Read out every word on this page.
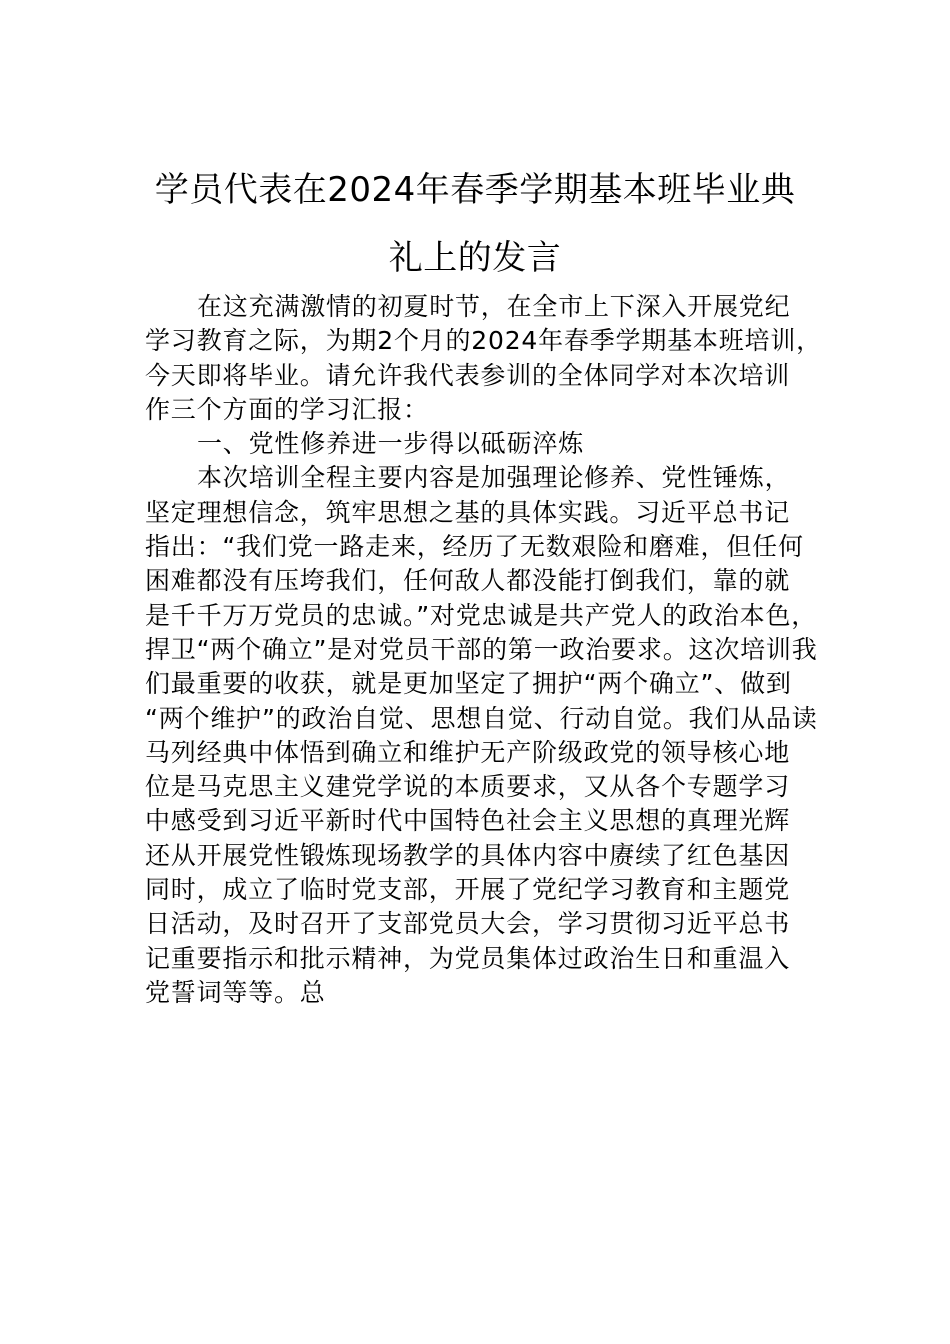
学员代表在2024年春季学期基本班毕业典
礼上的发言
在这充满激情的初夏时节，在全市上下深入开展党纪
学习教育之际，为期2个月的2024年春季学期基本班培训，
今天即将毕业。请允许我代表参训的全体同学对本次培训
作三个方面的学习汇报：
一、党性修养进一步得以砥砺淬炼
本次培训全程主要内容是加强理论修养、党性锤炼，
坚定理想信念，筑牢思想之基的具体实践。习近平总书记
指出：“我们党一路走来，经历了无数艰险和磨难，但任何
困难都没有压垮我们，任何敌人都没能打倒我们，靠的就
是千千万万党员的忠诚。”对党忠诚是共产党人的政治本色，
捍卫“两个确立”是对党员干部的第一政治要求。这次培训我
们最重要的收获，就是更加坚定了拥护“两个确立”、做到
“两个维护”的政治自觉、思想自觉、行动自觉。我们从品读
马列经典中体悟到确立和维护无产阶级政党的领导核心地
位是马克思主义建党学说的本质要求，又从各个专题学习
中感受到习近平新时代中国特色社会主义思想的真理光辉
还从开展党性锻炼现场教学的具体内容中赓续了红色基因
同时，成立了临时党支部，开展了党纪学习教育和主题党
日活动，及时召开了支部党员大会，学习贯彻习近平总书
记重要指示和批示精神，为党员集体过政治生日和重温入
党誓词等等。总
